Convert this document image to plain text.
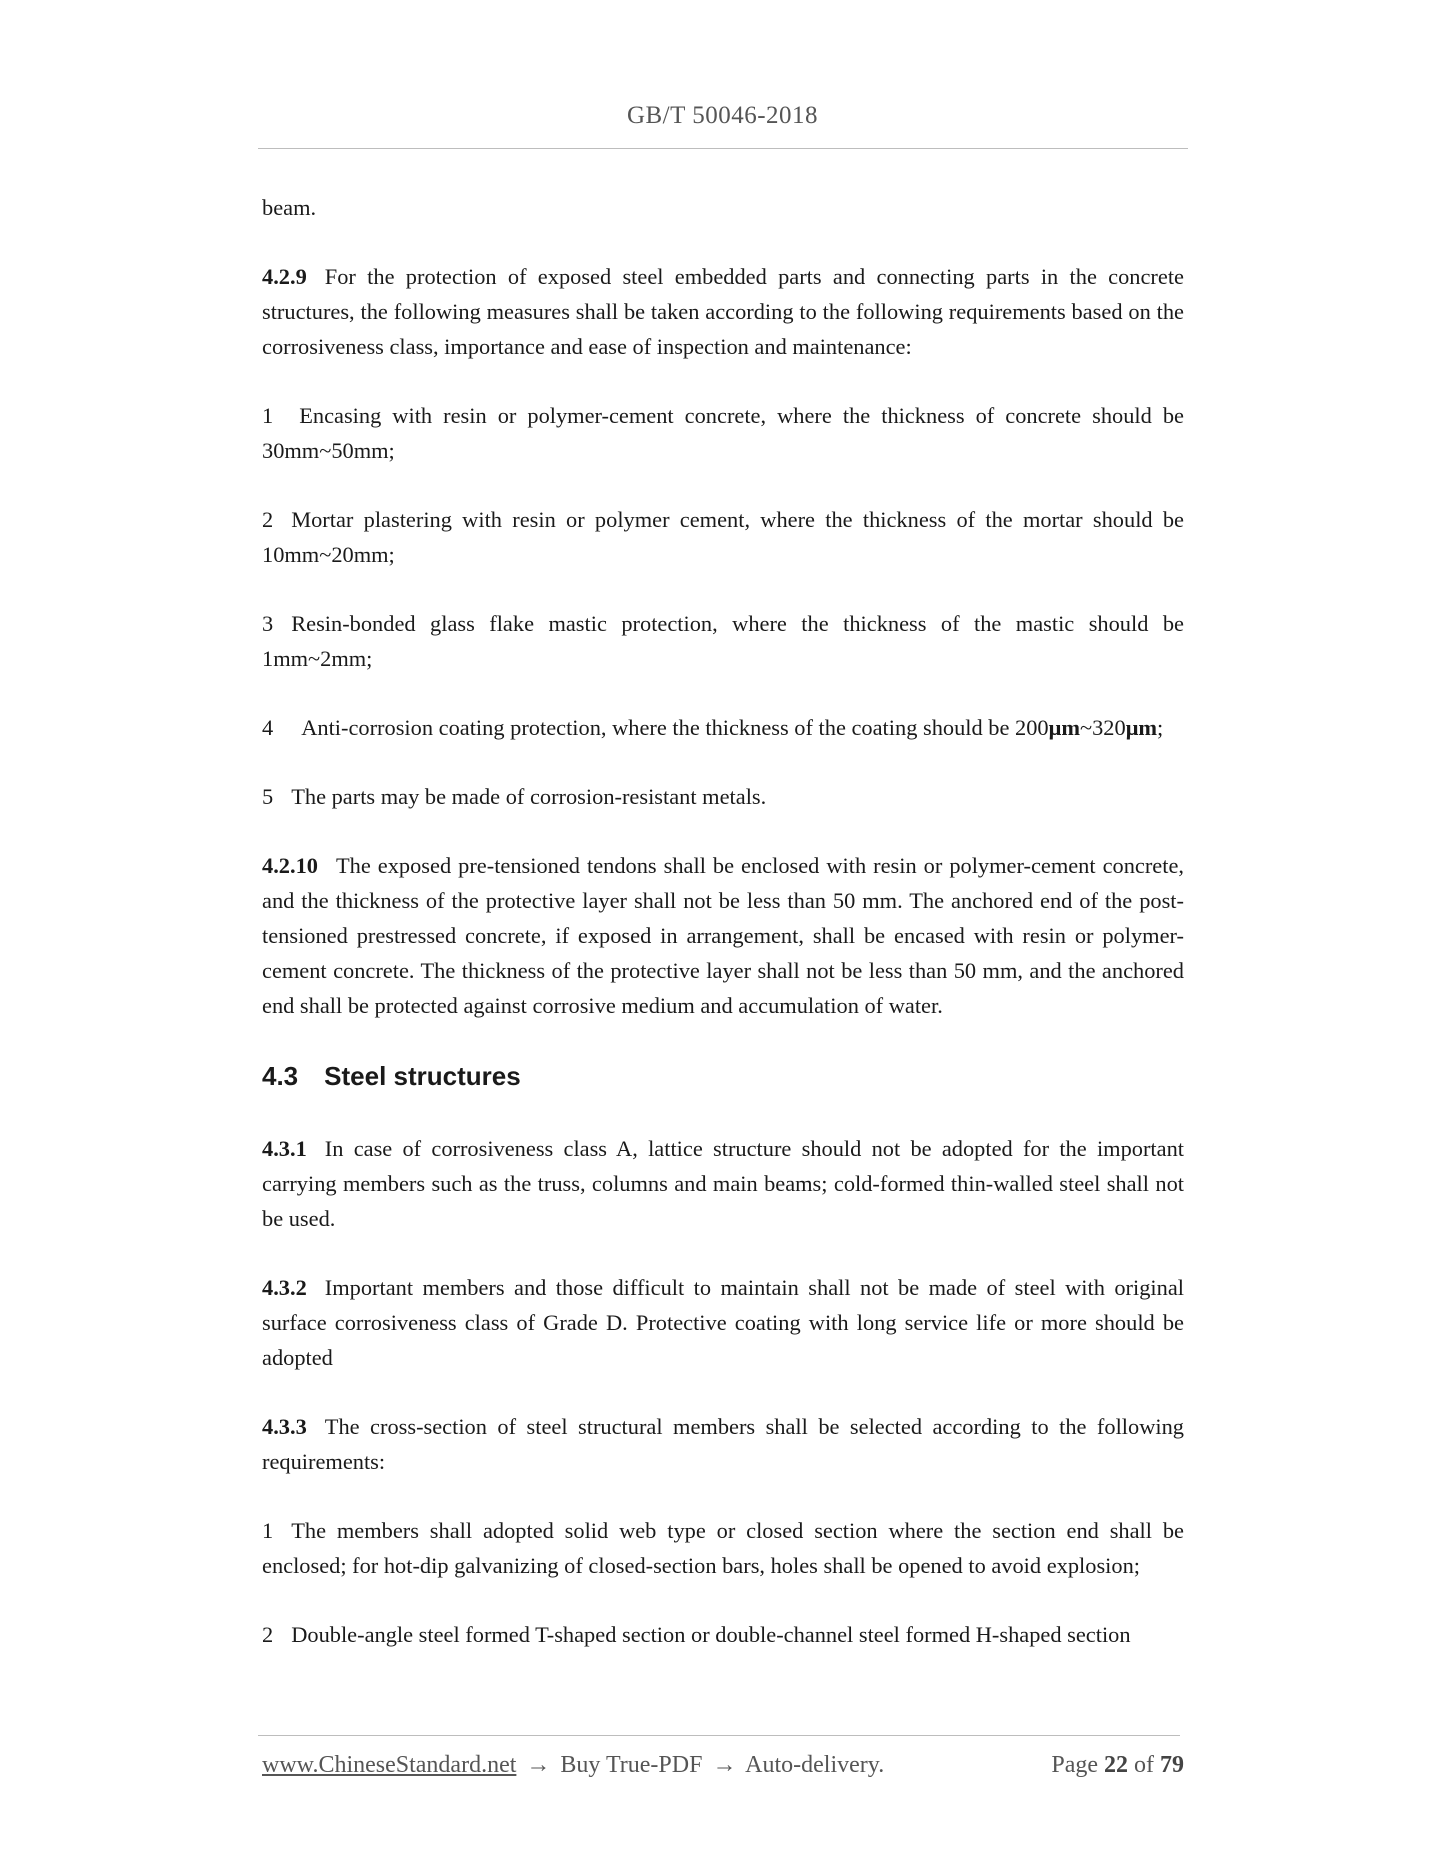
GB/T 50046-2018

beam.

4.2.9 For the protection of exposed steel embedded parts and connecting parts in the concrete structures, the following measures shall be taken according to the following requirements based on the corrosiveness class, importance and ease of inspection and maintenance:

1 Encasing with resin or polymer-cement concrete, where the thickness of concrete should be 30mm~50mm;

2 Mortar plastering with resin or polymer cement, where the thickness of the mortar should be 10mm~20mm;

3 Resin-bonded glass flake mastic protection, where the thickness of the mastic should be 1mm~2mm;

4 Anti-corrosion coating protection, where the thickness of the coating should be 200μm~320μm;

5 The parts may be made of corrosion-resistant metals.

4.2.10 The exposed pre-tensioned tendons shall be enclosed with resin or polymer-cement concrete, and the thickness of the protective layer shall not be less than 50 mm. The anchored end of the post-tensioned prestressed concrete, if exposed in arrangement, shall be encased with resin or polymer-cement concrete. The thickness of the protective layer shall not be less than 50 mm, and the anchored end shall be protected against corrosive medium and accumulation of water.

4.3 Steel structures

4.3.1 In case of corrosiveness class A, lattice structure should not be adopted for the important carrying members such as the truss, columns and main beams; cold-formed thin-walled steel shall not be used.

4.3.2 Important members and those difficult to maintain shall not be made of steel with original surface corrosiveness class of Grade D. Protective coating with long service life or more should be adopted

4.3.3 The cross-section of steel structural members shall be selected according to the following requirements:

1 The members shall adopted solid web type or closed section where the section end shall be enclosed; for hot-dip galvanizing of closed-section bars, holes shall be opened to avoid explosion;

2 Double-angle steel formed T-shaped section or double-channel steel formed H-shaped section

www.ChineseStandard.net → Buy True-PDF → Auto-delivery.	Page 22 of 79
